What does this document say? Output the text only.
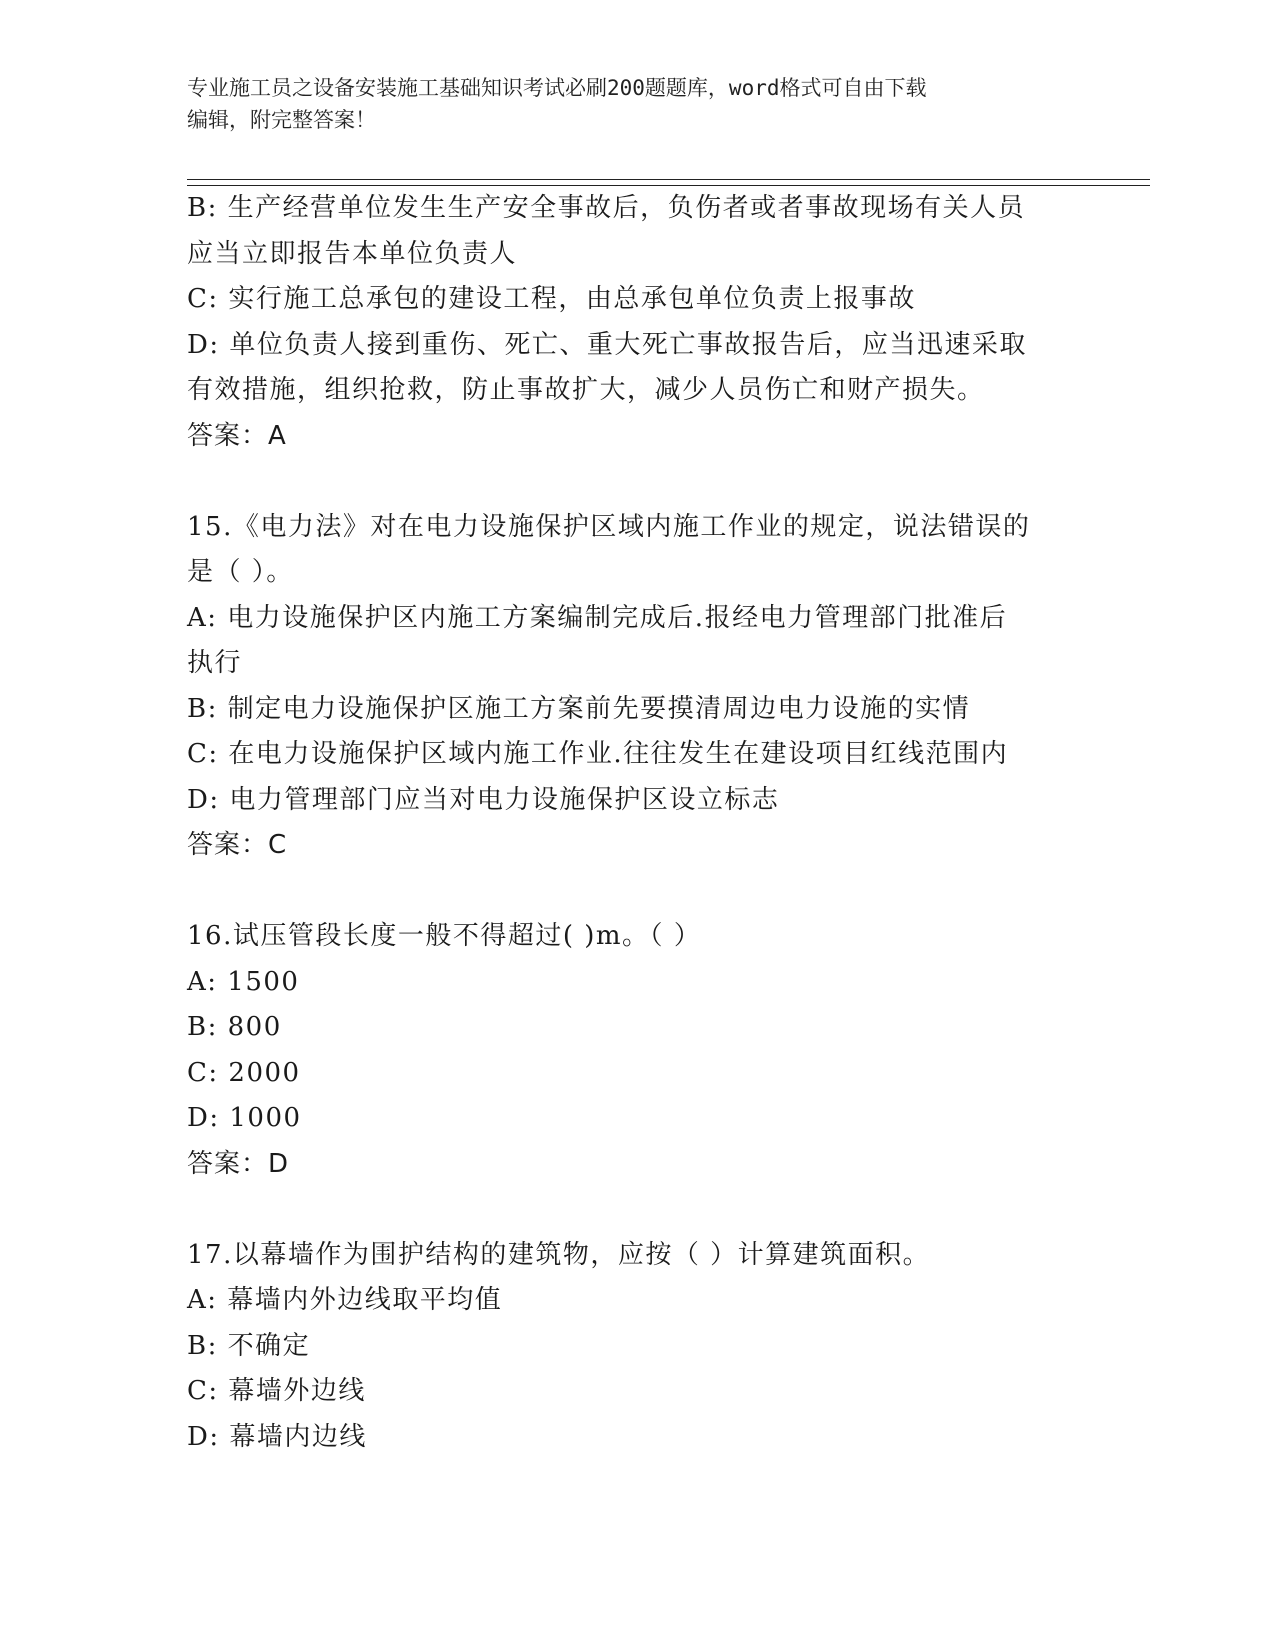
专业施工员之设备安装施工基础知识考试必刷200题题库，word格式可自由下载
编辑，附完整答案！
B: 生产经营单位发生生产安全事故后，负伤者或者事故现场有关人员
应当立即报告本单位负责人
C: 实行施工总承包的建设工程，由总承包单位负责上报事故
D: 单位负责人接到重伤、死亡、重大死亡事故报告后，应当迅速采取
有效措施，组织抢救，防止事故扩大，减少人员伤亡和财产损失。
答案：A
15.《电力法》对在电力设施保护区域内施工作业的规定，说法错误的
是（ ）。
A: 电力设施保护区内施工方案编制完成后.报经电力管理部门批准后
执行
B: 制定电力设施保护区施工方案前先要摸清周边电力设施的实情
C: 在电力设施保护区域内施工作业.往往发生在建设项目红线范围内
D: 电力管理部门应当对电力设施保护区设立标志
答案：C
16.试压管段长度一般不得超过( )m。（ ）
A: 1500
B: 800
C: 2000
D: 1000
答案：D
17.以幕墙作为围护结构的建筑物，应按（ ）计算建筑面积。
A: 幕墙内外边线取平均值
B: 不确定
C: 幕墙外边线
D: 幕墙内边线
